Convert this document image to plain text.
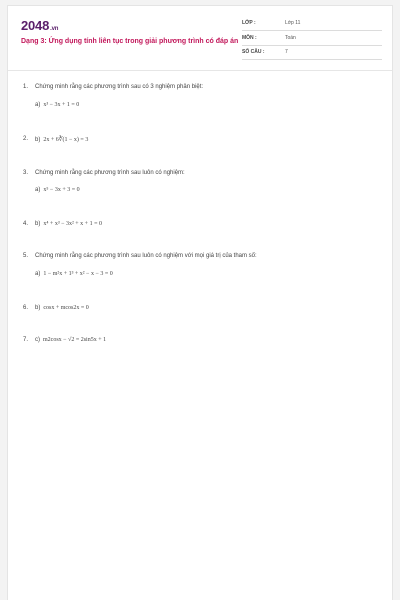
2048.vn
Dạng 3: Ứng dụng tính liên tục trong giải phương trình có đáp án
LỚP :	Lớp 11
MÔN :	Toán
SỐ CÂU :	7
1. Chứng minh rằng các phương trình sau có 3 nghiệm phân biệt:
a) x³ − 3x + 1 = 0
2. b) 2x + 6∛(1 − x) = 3
3. Chứng minh rằng các phương trình sau luôn có nghiệm:
a) x⁵ − 3x + 3 = 0
4. b) x⁴ + x³ − 3x² + x + 1 = 0
5. Chứng minh rằng các phương trình sau luôn có nghiệm với mọi giá trị của tham số:
a) 1 − m²x + 1³ + x² − x − 3 = 0
6. b) cosx + mcos2x = 0
7. c) m2cosx − √2 = 2sin5x + 1
